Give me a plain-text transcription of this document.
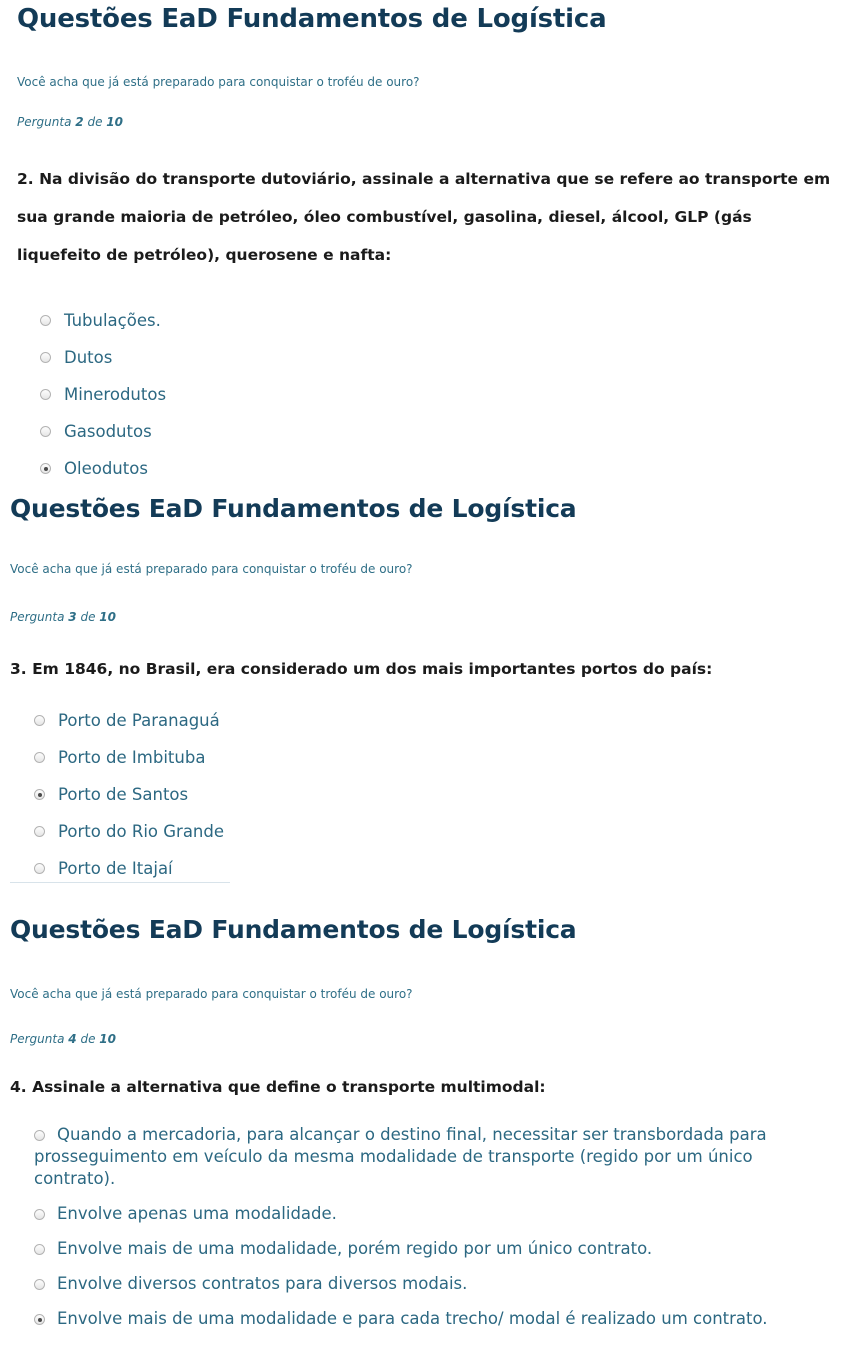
Questões EaD Fundamentos de Logística
Você acha que já está preparado para conquistar o troféu de ouro?
Pergunta 2 de 10

2. Na divisão do transporte dutoviário, assinale a alternativa que se refere ao transporte em sua grande maioria de petróleo, óleo combustível, gasolina, diesel, álcool, GLP (gás liquefeito de petróleo), querosene e nafta:

Tubulações.
Dutos
Minerodutos
Gasodutos
Oleodutos
Questões EaD Fundamentos de Logística
Você acha que já está preparado para conquistar o troféu de ouro?
Pergunta 3 de 10

3. Em 1846, no Brasil, era considerado um dos mais importantes portos do país:

Porto de Paranaguá
Porto de Imbituba
Porto de Santos
Porto do Rio Grande
Porto de Itajaí
Questões EaD Fundamentos de Logística
Você acha que já está preparado para conquistar o troféu de ouro?
Pergunta 4 de 10

4. Assinale a alternativa que define o transporte multimodal:

Quando a mercadoria, para alcançar o destino final, necessitar ser transbordada para prosseguimento em veículo da mesma modalidade de transporte (regido por um único contrato).
Envolve apenas uma modalidade.
Envolve mais de uma modalidade, porém regido por um único contrato.
Envolve diversos contratos para diversos modais.
Envolve mais de uma modalidade e para cada trecho/ modal é realizado um contrato.
